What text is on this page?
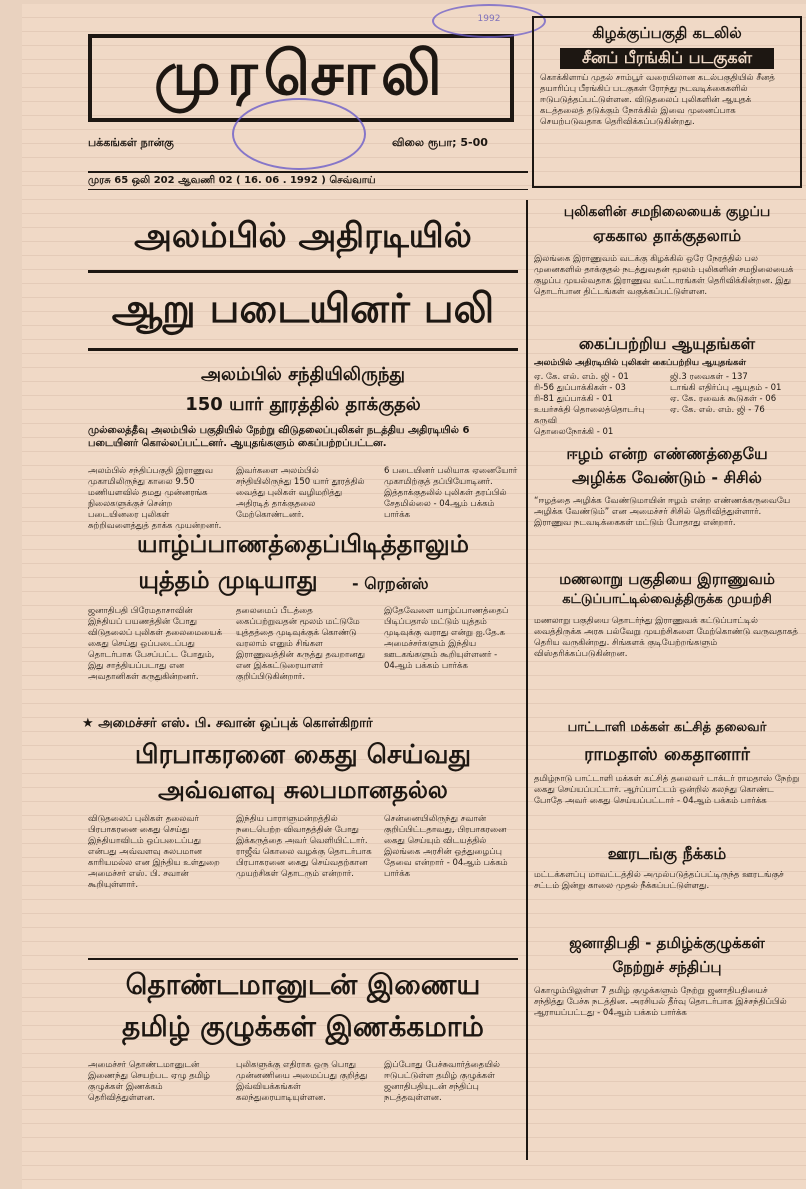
முரசொலி
1992
பக்கங்கள் நான்கு	விலை ரூபா; 5-00
முரசு 65 ஒலி 202 ஆவணி 02 ( 16. 06 . 1992 ) செவ்வாய்
கிழக்குப்பகுதி கடலில்
சீனப் பீரங்கிப் படகுகள்
கொக்கிளாய் முதல் சாம்பூர் வரையிலான கடல்பகுதியில் சீனத் தயாரிப்பு பீரங்கிப் படகுகள் ரோந்து நடவடிக்கைகளில் ஈடுபடுத்தப்பட்டுள்ளன. விடுதலைப் புலிகளின் ஆயுதக் கடத்தலைத் தடுக்கும் நோக்கில் இவை முனைப்பாக செயற்படுவதாக தெரிவிக்கப்படுகின்றது.
அலம்பில் அதிரடியில்
ஆறு படையினர் பலி
அலம்பில் சந்தியிலிருந்து
150 யார் தூரத்தில் தாக்குதல்
முல்லைத்தீவு அலம்பில் பகுதியில் நேற்று விடுதலைப்புலிகள் நடத்திய அதிரடியில் 6 படையினர் கொல்லப்பட்டனர். ஆயுதங்களும் கைப்பற்றப்பட்டன.
அலம்பில் சந்திப்பகுதி இராணுவ முகாமிலிருந்து காலை 9.50 மணியளவில் தமது முன்னரங்க நிலைகளுக்குச் சென்ற படையினரை புலிகள் சுற்றிவளைத்துத் தாக்க முயன்றனர்.
இவர்களை அலம்பில் சந்தியிலிருந்து 150 யார் தூரத்தில் வைத்து புலிகள் வழிமறித்து அதிரடித் தாக்குதலை மேற்கொண்டனர்.
6 படையினர் பலியாக ஏனையோர் முகாமிற்குத் தப்பியோடினர். இத்தாக்குதலில் புலிகள் தரப்பில் சேதமில்லை - 04ஆம் பக்கம் பார்க்க
யாழ்ப்பாணத்தைப்பிடித்தாலும்
யுத்தம் முடியாது	- ரெறன்ஸ்
ஜனாதிபதி பிரேமதாசாவின் இந்தியப் பயணத்தின் போது விடுதலைப் புலிகள் தலைமையைக் கைது செய்து ஒப்படைப்பது தொடர்பாக பேசப்பட்ட போதும், இது சாத்தியப்படாது என அவதானிகள் கருதுகின்றனர்.
தலைமைப் பீடத்தை கைப்பற்றுவதன் மூலம் மட்டுமே யுத்தத்தை முடிவுக்குக் கொண்டு வரலாம் எனும் சிங்கள இராணுவத்தின் கருத்து தவறானது என இக்கட்டுரையாளர் குறிப்பிடுகின்றார்.
இதேவேளை யாழ்ப்பாணத்தைப் பிடிப்பதால் மட்டும் யுத்தம் முடிவுக்கு வராது என்று ஐ.தே.க அமைச்சர்களும் இந்திய ஊடகங்களும் கூறியுள்ளனர் - 04ஆம் பக்கம் பார்க்க
★ அமைச்சர் எஸ். பி. சவான் ஒப்புக் கொள்கிறார்
பிரபாகரனை கைது செய்வது
அவ்வளவு சுலபமானதல்ல
விடுதலைப் புலிகள் தலைவர் பிரபாகரனை கைது செய்து இந்தியாவிடம் ஒப்படைப்பது என்பது அவ்வளவு சுலபமான காரியமல்ல என இந்திய உள்துறை அமைச்சர் எஸ். பி. சவான் கூறியுள்ளார்.
இந்திய பாராளுமன்றத்தில் நடைபெற்ற விவாதத்தின் போது இக்கருத்தை அவர் வெளியிட்டார். ராஜீவ் கொலை வழக்கு தொடர்பாக பிரபாகரனை கைது செய்வதற்கான முயற்சிகள் தொடரும் என்றார்.
சென்னையிலிருந்து சவான் குறிப்பிட்டதாவது, பிரபாகரனை கைது செய்யும் விடயத்தில் இலங்கை அரசின் ஒத்துழைப்பு தேவை என்றார் - 04ஆம் பக்கம் பார்க்க
தொண்டமானுடன் இணைய
தமிழ் குழுக்கள் இணக்கமாம்
அமைச்சர் தொண்டமானுடன் இணைந்து செயற்பட ஏழு தமிழ் குழுக்கள் இணக்கம் தெரிவித்துள்ளன.
புலிகளுக்கு எதிராக ஒரு பொது முன்னணியை அமைப்பது குறித்து இவ்வியக்கங்கள் கலந்துரையாடியுள்ளன.
இப்போது பேச்சுவார்த்தையில் ஈடுபட்டுள்ள தமிழ் குழுக்கள் ஜனாதிபதியுடன் சந்திப்பு நடத்தவுள்ளன.
புலிகளின் சமநிலையைக் குழப்ப
ஏககால தாக்குதலாம்
இலங்கை இராணுவம் வடக்கு கிழக்கில் ஒரே நேரத்தில் பல முனைகளில் தாக்குதல் நடத்துவதன் மூலம் புலிகளின் சமநிலையைக் குழப்ப முயல்வதாக இராணுவ வட்டாரங்கள் தெரிவிக்கின்றன. இது தொடர்பான திட்டங்கள் வகுக்கப்பட்டுள்ளன.
கைப்பற்றிய ஆயுதங்கள்
அலம்பில் அதிரடியில் புலிகள் கைப்பற்றிய ஆயுதங்கள்
ஏ. கே. எல். எம். ஜி - 01
ரி-56 துப்பாக்கிகள் - 03
ரி-81 துப்பாக்கி - 01
உயர்சக்தி தொலைத்தொடர்பு கருவி
தொலைநோக்கி - 01
ஜி.3 ரவைகள் - 137
டாங்கி எதிர்ப்பு ஆயுதம் - 01
ஏ. கே. ரவைக் கூடுகள் - 06
ஏ. கே. எல். எம். ஜி - 76
ஈழம் என்ற எண்ணத்தையே
அழிக்க வேண்டும் - சிசில்
“ஈழத்தை அழிக்க வேண்டுமாயின் ஈழம் என்ற எண்ணக்கருவையே அழிக்க வேண்டும்” என அமைச்சர் சிசில் தெரிவித்துள்ளார். இராணுவ நடவடிக்கைகள் மட்டும் போதாது என்றார்.
மணலாறு பகுதியை இராணுவம்
கட்டுப்பாட்டில்வைத்திருக்க முயற்சி
மணலாறு பகுதியை தொடர்ந்து இராணுவக் கட்டுப்பாட்டில் வைத்திருக்க அரசு பல்வேறு முயற்சிகளை மேற்கொண்டு வருவதாகத் தெரிய வருகின்றது. சிங்களக் குடியேற்றங்களும் விஸ்தரிக்கப்படுகின்றன.
பாட்டாளி மக்கள் கட்சித் தலைவர்
ராமதாஸ் கைதானார்
தமிழ்நாடு பாட்டாளி மக்கள் கட்சித் தலைவர் டாக்டர் ராமதாஸ் நேற்று கைது செய்யப்பட்டார். ஆர்ப்பாட்டம் ஒன்றில் கலந்து கொண்ட போதே அவர் கைது செய்யப்பட்டார் - 04ஆம் பக்கம் பார்க்க
ஊரடங்கு நீக்கம்
மட்டக்களப்பு மாவட்டத்தில் அமுல்படுத்தப்பட்டிருந்த ஊரடங்குச் சட்டம் இன்று காலை முதல் நீக்கப்பட்டுள்ளது.
ஜனாதிபதி - தமிழ்க்குழுக்கள்
நேற்றுச் சந்திப்பு
கொழும்பிலுள்ள 7 தமிழ் குழுக்களும் நேற்று ஜனாதிபதியைச் சந்தித்து பேச்சு நடத்தின. அரசியல் தீர்வு தொடர்பாக இச்சந்திப்பில் ஆராயப்பட்டது - 04ஆம் பக்கம் பார்க்க
